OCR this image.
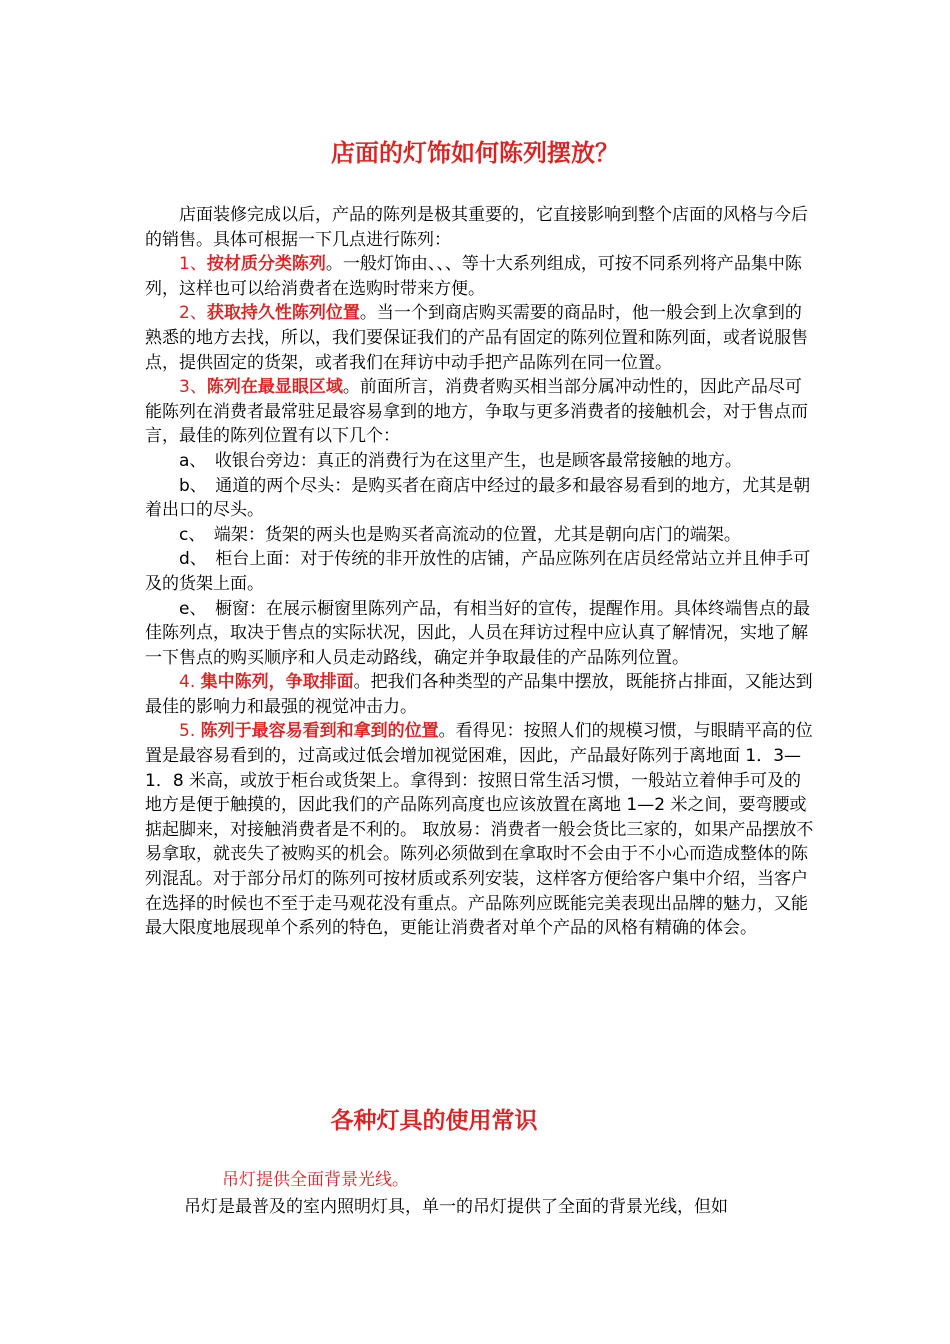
店面的灯饰如何陈列摆放？

店面装修完成以后，产品的陈列是极其重要的，它直接影响到整个店面的风格与今后的销售。具体可根据一下几点进行陈列：

1、按材质分类陈列。一般灯饰由、、、等十大系列组成，可按不同系列将产品集中陈列，这样也可以给消费者在选购时带来方便。

2、获取持久性陈列位置。当一个到商店购买需要的商品时，他一般会到上次拿到的熟悉的地方去找，所以，我们要保证我们的产品有固定的陈列位置和陈列面，或者说服售点，提供固定的货架，或者我们在拜访中动手把产品陈列在同一位置。

3、陈列在最显眼区域。前面所言，消费者购买相当部分属冲动性的，因此产品尽可能陈列在消费者最常驻足最容易拿到的地方，争取与更多消费者的接触机会，对于售点而言，最佳的陈列位置有以下几个：

a、　收银台旁边：真正的消费行为在这里产生，也是顾客最常接触的地方。

b、　通道的两个尽头：是购买者在商店中经过的最多和最容易看到的地方，尤其是朝着出口的尽头。

c、　端架：货架的两头也是购买者高流动的位置，尤其是朝向店门的端架。

d、　柜台上面：对于传统的非开放性的店铺，产品应陈列在店员经常站立并且伸手可及的货架上面。

e、　橱窗：在展示橱窗里陈列产品，有相当好的宣传，提醒作用。具体终端售点的最佳陈列点，取决于售点的实际状况，因此，人员在拜访过程中应认真了解情况，实地了解一下售点的购买顺序和人员走动路线，确定并争取最佳的产品陈列位置。

4. 集中陈列，争取排面。把我们各种类型的产品集中摆放，既能挤占排面，又能达到最佳的影响力和最强的视觉冲击力。

5. 陈列于最容易看到和拿到的位置。看得见：按照人们的规模习惯，与眼睛平高的位置是最容易看到的，过高或过低会增加视觉困难，因此，产品最好陈列于离地面 1．3—1．8 米高，或放于柜台或货架上。拿得到：按照日常生活习惯，一般站立着伸手可及的地方是便于触摸的，因此我们的产品陈列高度也应该放置在离地 1—2 米之间，要弯腰或掂起脚来，对接触消费者是不利的。 取放易：消费者一般会货比三家的，如果产品摆放不易拿取，就丧失了被购买的机会。陈列必须做到在拿取时不会由于不小心而造成整体的陈列混乱。对于部分吊灯的陈列可按材质或系列安装，这样客方便给客户集中介绍，当客户在选择的时候也不至于走马观花没有重点。产品陈列应既能完美表现出品牌的魅力，又能最大限度地展现单个系列的特色，更能让消费者对单个产品的风格有精确的体会。

各种灯具的使用常识

吊灯提供全面背景光线。

吊灯是最普及的室内照明灯具，单一的吊灯提供了全面的背景光线，但如
